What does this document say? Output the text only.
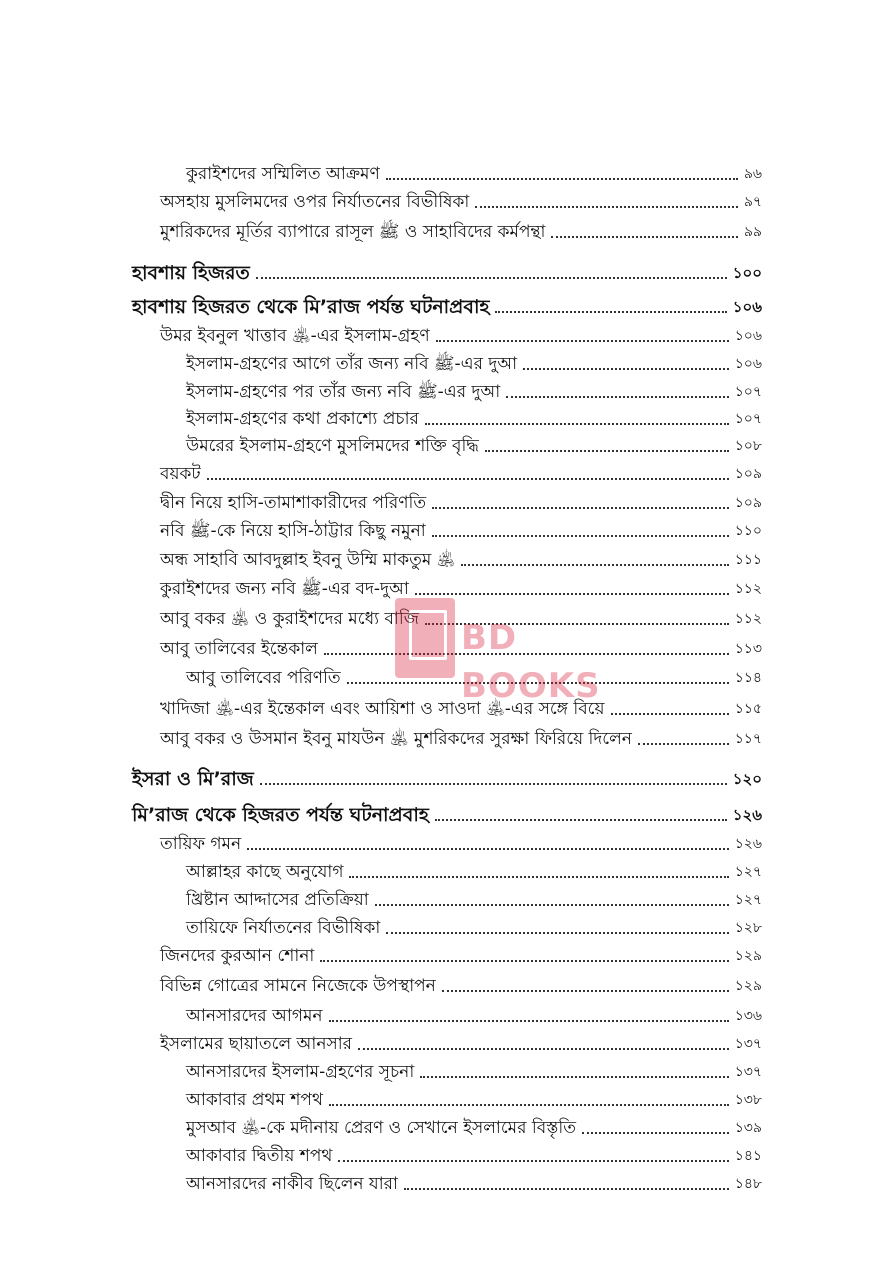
কুরাইশদের সম্মিলিত আক্রমণ	৯৬
অসহায় মুসলিমদের ওপর নির্যাতনের বিভীষিকা	৯৭
মুশরিকদের মূর্তির ব্যাপারে রাসূল ﷺ ও সাহাবিদের কর্মপন্থা	৯৯
হাবশায় হিজরত	১০০
হাবশায় হিজরত থেকে মি’রাজ পর্যন্ত ঘটনাপ্রবাহ	১০৬
উমর ইবনুল খাত্তাব ﵁-এর ইসলাম-গ্রহণ	১০৬
ইসলাম-গ্রহণের আগে তাঁর জন্য নবি ﷺ-এর দুআ	১০৬
ইসলাম-গ্রহণের পর তাঁর জন্য নবি ﷺ-এর দুআ	১০৭
ইসলাম-গ্রহণের কথা প্রকাশ্যে প্রচার	১০৭
উমরের ইসলাম-গ্রহণে মুসলিমদের শক্তি বৃদ্ধি	১০৮
বয়কট	১০৯
দ্বীন নিয়ে হাসি-তামাশাকারীদের পরিণতি	১০৯
নবি ﷺ-কে নিয়ে হাসি-ঠাট্টার কিছু নমুনা	১১০
অন্ধ সাহাবি আবদুল্লাহ ইবনু উম্মি মাকতুম ﵁	১১১
কুরাইশদের জন্য নবি ﷺ-এর বদ-দুআ	১১২
আবু বকর ﵁ ও কুরাইশদের মধ্যে বাজি	১১২
আবু তালিবের ইন্তেকাল	১১৩
আবু তালিবের পরিণতি	১১৪
খাদিজা ﵁-এর ইন্তেকাল এবং আয়িশা ও সাওদা ﵁-এর সঙ্গে বিয়ে	১১৫
আবু বকর ও উসমান ইবনু মাযউন ﵁ মুশরিকদের সুরক্ষা ফিরিয়ে দিলেন	১১৭
ইসরা ও মি’রাজ	১২০
মি’রাজ থেকে হিজরত পর্যন্ত ঘটনাপ্রবাহ	১২৬
তায়িফ গমন	১২৬
আল্লাহর কাছে অনুযোগ	১২৭
খ্রিষ্টান আদ্দাসের প্রতিক্রিয়া	১২৭
তায়িফে নির্যাতনের বিভীষিকা	১২৮
জিনদের কুরআন শোনা	১২৯
বিভিন্ন গোত্রের সামনে নিজেকে উপস্থাপন	১২৯
আনসারদের আগমন	১৩৬
ইসলামের ছায়াতলে আনসার	১৩৭
আনসারদের ইসলাম-গ্রহণের সূচনা	১৩৭
আকাবার প্রথম শপথ	১৩৮
মুসআব ﵁-কে মদীনায় প্রেরণ ও সেখানে ইসলামের বিস্তৃতি	১৩৯
আকাবার দ্বিতীয় শপথ	১৪১
আনসারদের নাকীব ছিলেন যারা	১৪৮
BD BOOKS
